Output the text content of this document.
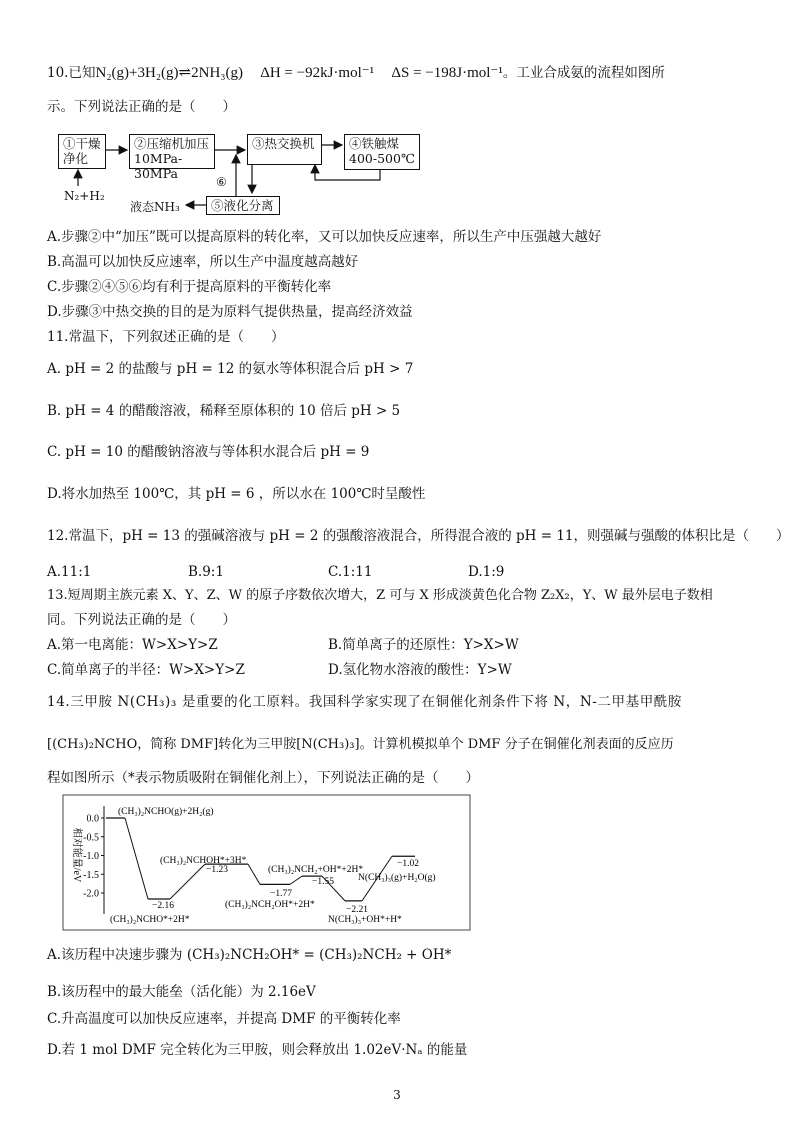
10.已知N₂(g)+3H₂(g)⇌2NH₃(g) ΔH = −92kJ·mol⁻¹ ΔS = −198J·mol⁻¹。工业合成氨的流程如图所
示。下列说法正确的是（　　）
①干燥
净化
②压缩机加压
10MPa-30MPa
③热交换机	④铁触煤
400-500℃
⑤液化分离
⑥
N₂+H₂
液态NH₃
A.步骤②中“加压”既可以提高原料的转化率，又可以加快反应速率，所以生产中压强越大越好
B.高温可以加快反应速率，所以生产中温度越高越好
C.步骤②④⑤⑥均有利于提高原料的平衡转化率
D.步骤③中热交换的目的是为原料气提供热量，提高经济效益
11.常温下，下列叙述正确的是（　　）
A. pH = 2 的盐酸与 pH = 12 的氨水等体积混合后 pH > 7
B. pH = 4 的醋酸溶液，稀释至原体积的 10 倍后 pH > 5
C. pH = 10 的醋酸钠溶液与等体积水混合后 pH = 9
D.将水加热至 100℃，其 pH = 6 ，所以水在 100℃时呈酸性
12.常温下，pH = 13 的强碱溶液与 pH = 2 的强酸溶液混合，所得混合液的 pH = 11，则强碱与强酸的体积比是（　　）
A.11:1	B.9:1	C.1:11	D.1:9
13.短周期主族元素 X、Y、Z、W 的原子序数依次增大，Z 可与 X 形成淡黄色化合物 Z₂X₂，Y、W 最外层电子数相
同。下列说法正确的是（　　）
A.第一电离能：W>X>Y>Z	B.简单离子的还原性：Y>X>W
C.简单离子的半径：W>X>Y>Z	D.氢化物水溶液的酸性：Y>W
14.三甲胺 N(CH₃)₃ 是重要的化工原料。我国科学家实现了在铜催化剂条件下将 N，N-二甲基甲酰胺
[(CH₃)₂NCHO，简称 DMF]转化为三甲胺[N(CH₃)₃]。计算机模拟单个 DMF 分子在铜催化剂表面的反应历
程如图所示（*表示物质吸附在铜催化剂上），下列说法正确的是（　　）
相对能量/eV
0.0
-0.5
-1.0
-1.5
-2.0
(CH₃)₂NCHO(g)+2H₂(g)
(CH₃)₂NCHO*+2H*
−2.16
(CH₃)₂NCHOH*+3H*
−1.23
(CH₃)₂NCH₂OH*+2H*
−1.77
(CH₃)₂NCH₂+OH*+2H*
−1.55
N(CH₃)₃+OH*+H*
−2.21
N(CH₃)₃(g)+H₂O(g)
−1.02
A.该历程中决速步骤为 (CH₃)₂NCH₂OH* = (CH₃)₂NCH₂ + OH*
B.该历程中的最大能垒（活化能）为 2.16eV
C.升高温度可以加快反应速率，并提高 DMF 的平衡转化率
D.若 1 mol DMF 完全转化为三甲胺，则会释放出 1.02eV·Nₐ 的能量
3
